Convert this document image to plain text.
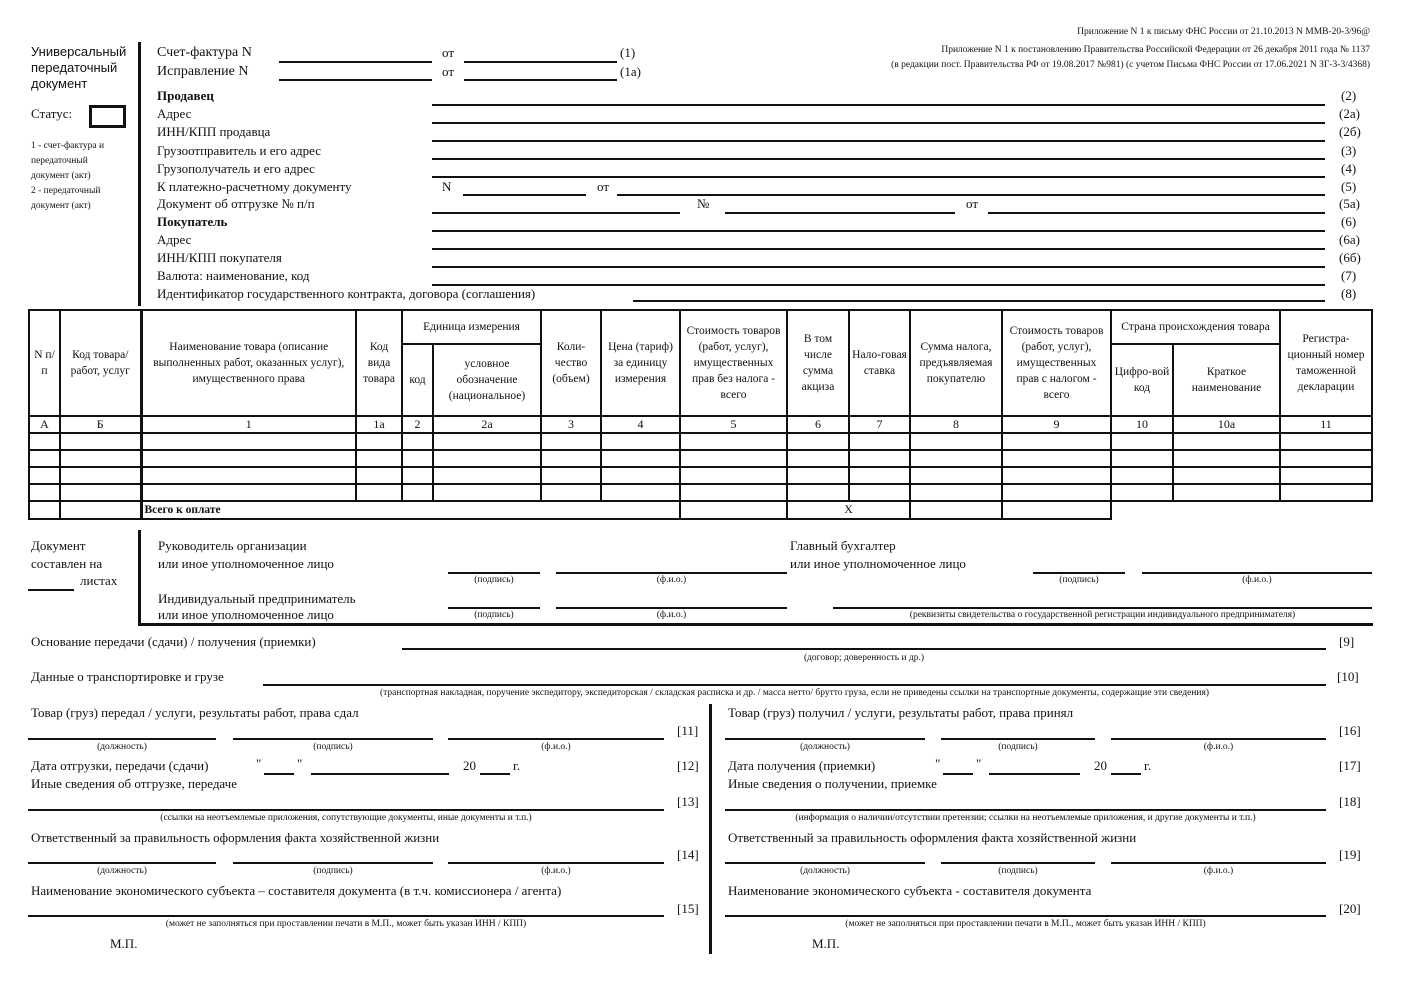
Приложение N 1 к письму ФНС России от 21.10.2013 N ММВ-20-3/96@
Приложение N 1 к постановлению Правительства Российской Федерации от 26 декабря 2011 года № 1137
(в редакции пост. Правительства РФ от 19.08.2017 №981) (с учетом Письма ФНС России от 17.06.2021 N ЗГ-3-3/4368)
Универсальный
передаточный
документ
Статус:
1 - счет-фактура и
передаточный
документ (акт)
2 - передаточный
документ (акт)
Счет-фактура N	от	(1)
Исправление N	от	(1а)
Продавец	(2)
Адрес	(2а)
ИНН/КПП продавца	(2б)
Грузоотправитель и его адрес	(3)
Грузополучатель и его адрес	(4)
К платежно-расчетному документу	N	от	(5)
Документ об отгрузке № п/п	№	от	(5а)
Покупатель	(6)
Адрес	(6а)
ИНН/КПП покупателя	(6б)
Валюта: наименование, код	(7)
Идентификатор государственного контракта, договора (соглашения)	(8)
N п/п	Код товара/ работ, услуг	Наименование товара (описание выполненных работ, оказанных услуг), имущественного права	Код вида товара	Единица измерения		Коли-чество (объем)	Цена (тариф) за единицу измерения	Стоимость товаров (работ, услуг), имущественных прав без налога - всего	В том числе сумма акциза	Нало-говая ставка	Сумма налога, предъявляемая покупателю	Стоимость товаров (работ, услуг), имущественных прав с налогом - всего	Страна происхождения товара		Регистра-ционный номер таможенной декларации
				код	условное обозначение (национальное)								Цифро-вой код	Краткое наименование	
А	Б	1	1а	2	2а	3	4	5	6	7	8	9	10	10а	11

		Всего к оплате							X						
Документ
составлен на
листах
Руководитель организации
или иное уполномоченное лицо
(подпись)	(ф.и.о.)
Главный бухгалтер
или иное уполномоченное лицо
(подпись)	(ф.и.о.)
Индивидуальный предприниматель
или иное уполномоченное лицо	(подпись)	(ф.и.о.)	(реквизиты свидетельства о государственной регистрации индивидуального предпринимателя)
Основание передачи (сдачи) / получения (приемки)	[9]
(договор; доверенность и др.)
Данные о транспортировке и грузе	[10]
(транспортная накладная, поручение экспедитору, экспедиторская / складская расписка и др. / масса нетто/ брутто груза, если не приведены ссылки на транспортные документы, содержащие эти сведения)
Товар (груз) передал / услуги, результаты работ, права сдал
(должность)	(подпись)	(ф.и.о.)
[11]
Дата отгрузки, передачи (сдачи)	"	"	20	г.	[12]
Иные сведения об отгрузке, передаче
[13]
(ссылки на неотъемлемые приложения, сопутствующие документы, иные документы и т.п.)
Ответственный за правильность оформления факта хозяйственной жизни
(должность)	(подпись)	(ф.и.о.)
[14]
Наименование экономического субъекта – составителя документа (в т.ч. комиссионера / агента)
[15]
(может не заполняться при проставлении печати в М.П., может быть указан ИНН / КПП)
М.П.
Товар (груз) получил / услуги, результаты работ, права принял
(должность)	(подпись)	(ф.и.о.)
[16]
Дата получения (приемки)	"	"	20	г.	[17]
Иные сведения о получении, приемке
[18]
(информация о наличии/отсутствии претензии; ссылки на неотъемлемые приложения, и другие документы и т.п.)
Ответственный за правильность оформления факта хозяйственной жизни
(должность)	(подпись)	(ф.и.о.)
[19]
Наименование экономического субъекта - составителя документа
[20]
(может не заполняться при проставлении печати в М.П., может быть указан ИНН / КПП)
М.П.
